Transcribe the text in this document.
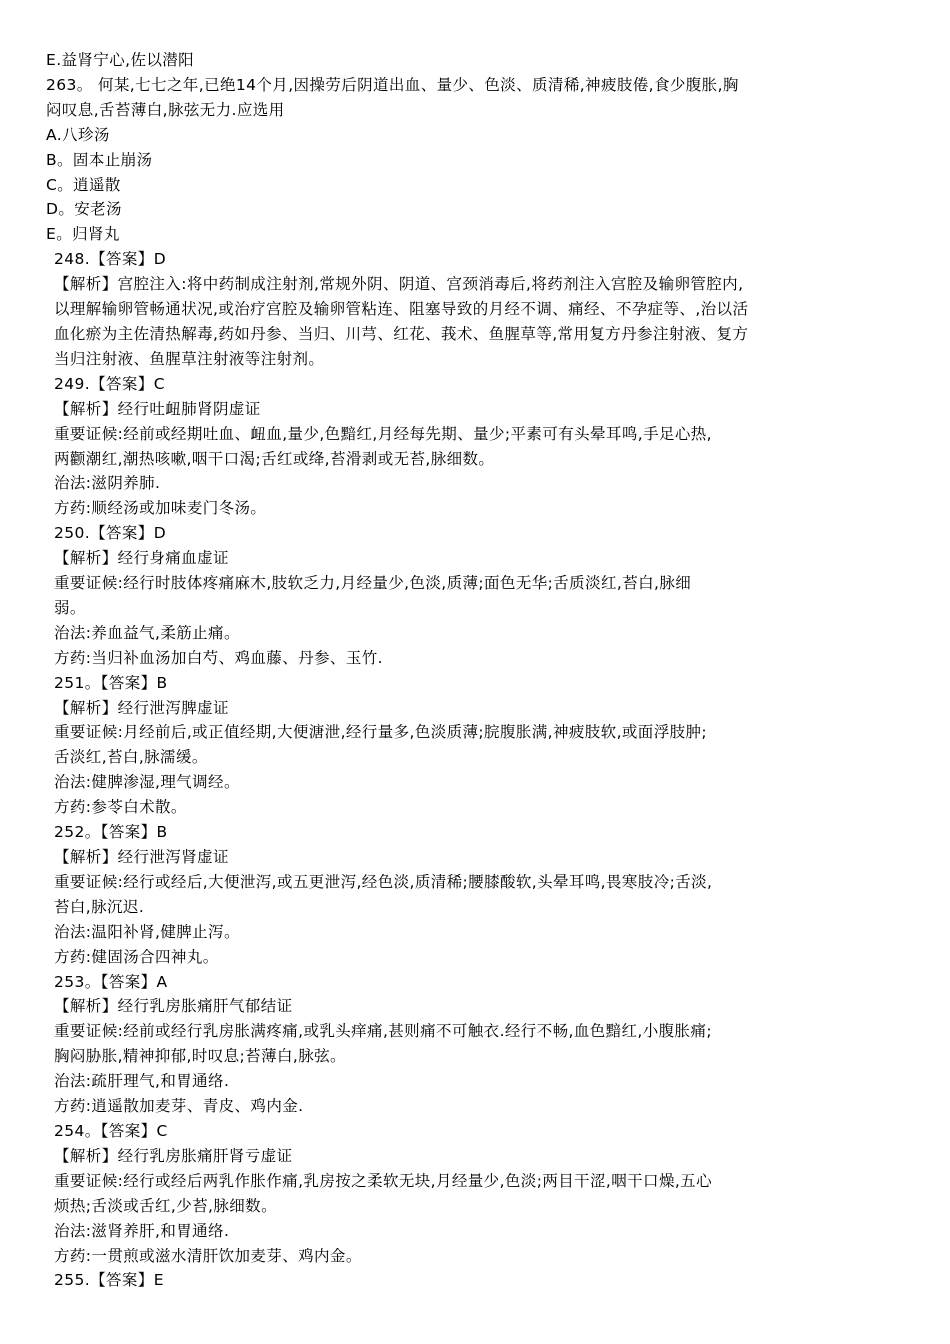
E.益肾宁心,佐以潜阳

263。 何某,七七之年,已绝14个月,因操劳后阴道出血、量少、色淡、质清稀,神疲肢倦,食少腹胀,胸

闷叹息,舌苔薄白,脉弦无力.应选用

A.八珍汤

B。固本止崩汤

C。逍遥散

D。安老汤

E。归肾丸

248.【答案】D

【解析】宫腔注入:将中药制成注射剂,常规外阴、阴道、宫颈消毒后,将药剂注入宫腔及输卵管腔内,

以理解输卵管畅通状况,或治疗宫腔及输卵管粘连、阻塞导致的月经不调、痛经、不孕症等、,治以活

血化瘀为主佐清热解毒,药如丹参、当归、川芎、红花、莪术、鱼腥草等,常用复方丹参注射液、复方

当归注射液、鱼腥草注射液等注射剂。

249.【答案】C

【解析】经行吐衄肺肾阴虚证

重要证候:经前或经期吐血、衄血,量少,色黯红,月经每先期、量少;平素可有头晕耳鸣,手足心热,

两颧潮红,潮热咳嗽,咽干口渴;舌红或绛,苔滑剥或无苔,脉细数。

治法:滋阴养肺.

方药:顺经汤或加味麦门冬汤。

250.【答案】D

【解析】经行身痛血虚证

重要证候:经行时肢体疼痛麻木,肢软乏力,月经量少,色淡,质薄;面色无华;舌质淡红,苔白,脉细

弱。

治法:养血益气,柔筋止痛。

方药:当归补血汤加白芍、鸡血藤、丹参、玉竹.

251。【答案】B

【解析】经行泄泻脾虚证

重要证候:月经前后,或正值经期,大便溏泄,经行量多,色淡质薄;脘腹胀满,神疲肢软,或面浮肢肿;

舌淡红,苔白,脉濡缓。

治法:健脾渗湿,理气调经。

方药:参苓白术散。

252。【答案】B

【解析】经行泄泻肾虚证

重要证候:经行或经后,大便泄泻,或五更泄泻,经色淡,质清稀;腰膝酸软,头晕耳鸣,畏寒肢冷;舌淡,

苔白,脉沉迟.

治法:温阳补肾,健脾止泻。

方药:健固汤合四神丸。

253。【答案】A

【解析】经行乳房胀痛肝气郁结证

重要证候:经前或经行乳房胀满疼痛,或乳头痒痛,甚则痛不可触衣.经行不畅,血色黯红,小腹胀痛;

胸闷胁胀,精神抑郁,时叹息;苔薄白,脉弦。

治法:疏肝理气,和胃通络.

方药:逍遥散加麦芽、青皮、鸡内金.

254。【答案】C

【解析】经行乳房胀痛肝肾亏虚证

重要证候:经行或经后两乳作胀作痛,乳房按之柔软无块,月经量少,色淡;两目干涩,咽干口燥,五心

烦热;舌淡或舌红,少苔,脉细数。

治法:滋肾养肝,和胃通络.

方药:一贯煎或滋水清肝饮加麦芽、鸡内金。

255.【答案】E
